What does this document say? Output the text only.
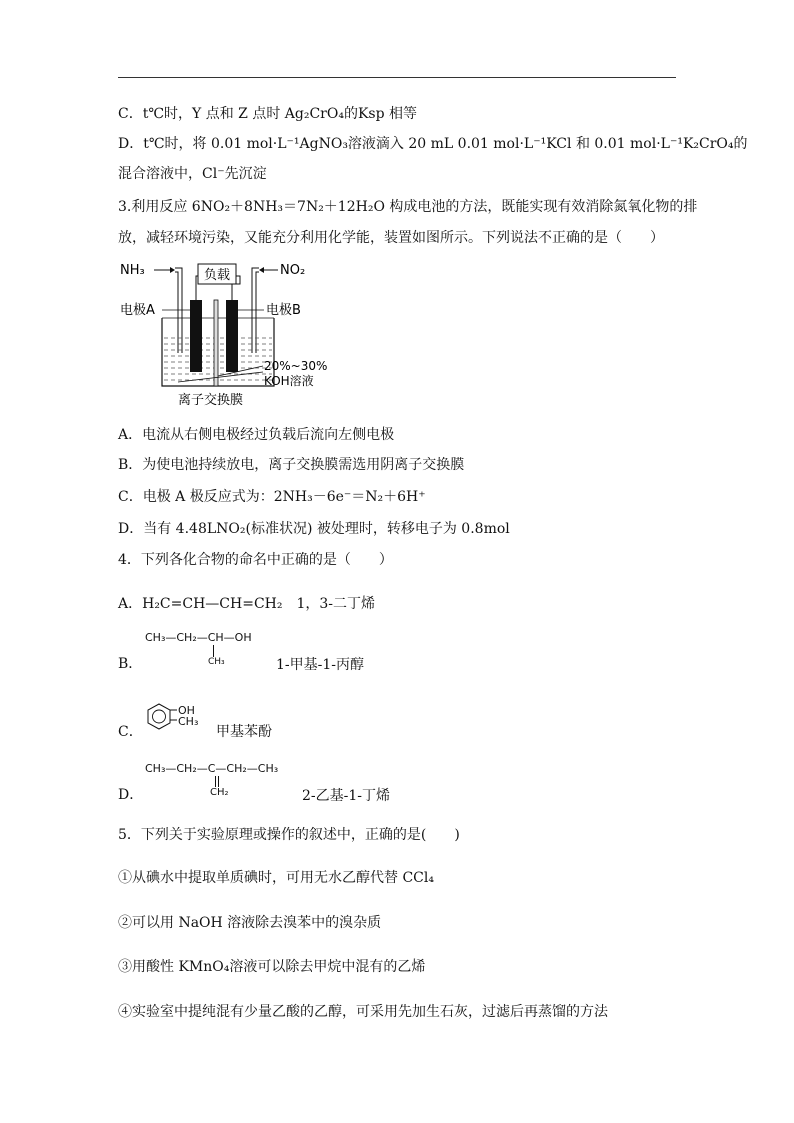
C．t℃时，Y 点和 Z 点时 Ag₂CrO₄的Ksp 相等
D．t℃时，将 0.01 mol·L⁻¹AgNO₃溶液滴入 20 mL 0.01 mol·L⁻¹KCl 和 0.01 mol·L⁻¹K₂CrO₄的
混合溶液中，Cl⁻先沉淀
3.利用反应 6NO₂＋8NH₃＝7N₂＋12H₂O 构成电池的方法，既能实现有效消除氮氧化物的排
放，减轻环境污染，又能充分利用化学能，装置如图所示。下列说法不正确的是（　　）
负载
NH₃	NO₂
电极A	电极B
20%~30%
KOH溶液
离子交换膜
A．电流从右侧电极经过负载后流向左侧电极
B．为使电池持续放电，离子交换膜需选用阴离子交换膜
C．电极 A 极反应式为：2NH₃－6e⁻＝N₂＋6H⁺
D．当有 4.48LNO₂(标准状况) 被处理时，转移电子为 0.8mol
4．下列各化合物的命名中正确的是（　　）
A．H₂C=CH—CH=CH₂　1，3-二丁烯
CH₃—CH₂—CH—OH
CH₃
B．	1-甲基-1-丙醇
OH
CH₃
C．	甲基苯酚
CH₃—CH₂—C—CH₂—CH₃
CH₂
D．	2-乙基-1-丁烯
5．下列关于实验原理或操作的叙述中，正确的是(　　)
①从碘水中提取单质碘时，可用无水乙醇代替 CCl₄
②可以用 NaOH 溶液除去溴苯中的溴杂质
③用酸性 KMnO₄溶液可以除去甲烷中混有的乙烯
④实验室中提纯混有少量乙酸的乙醇，可采用先加生石灰，过滤后再蒸馏的方法
